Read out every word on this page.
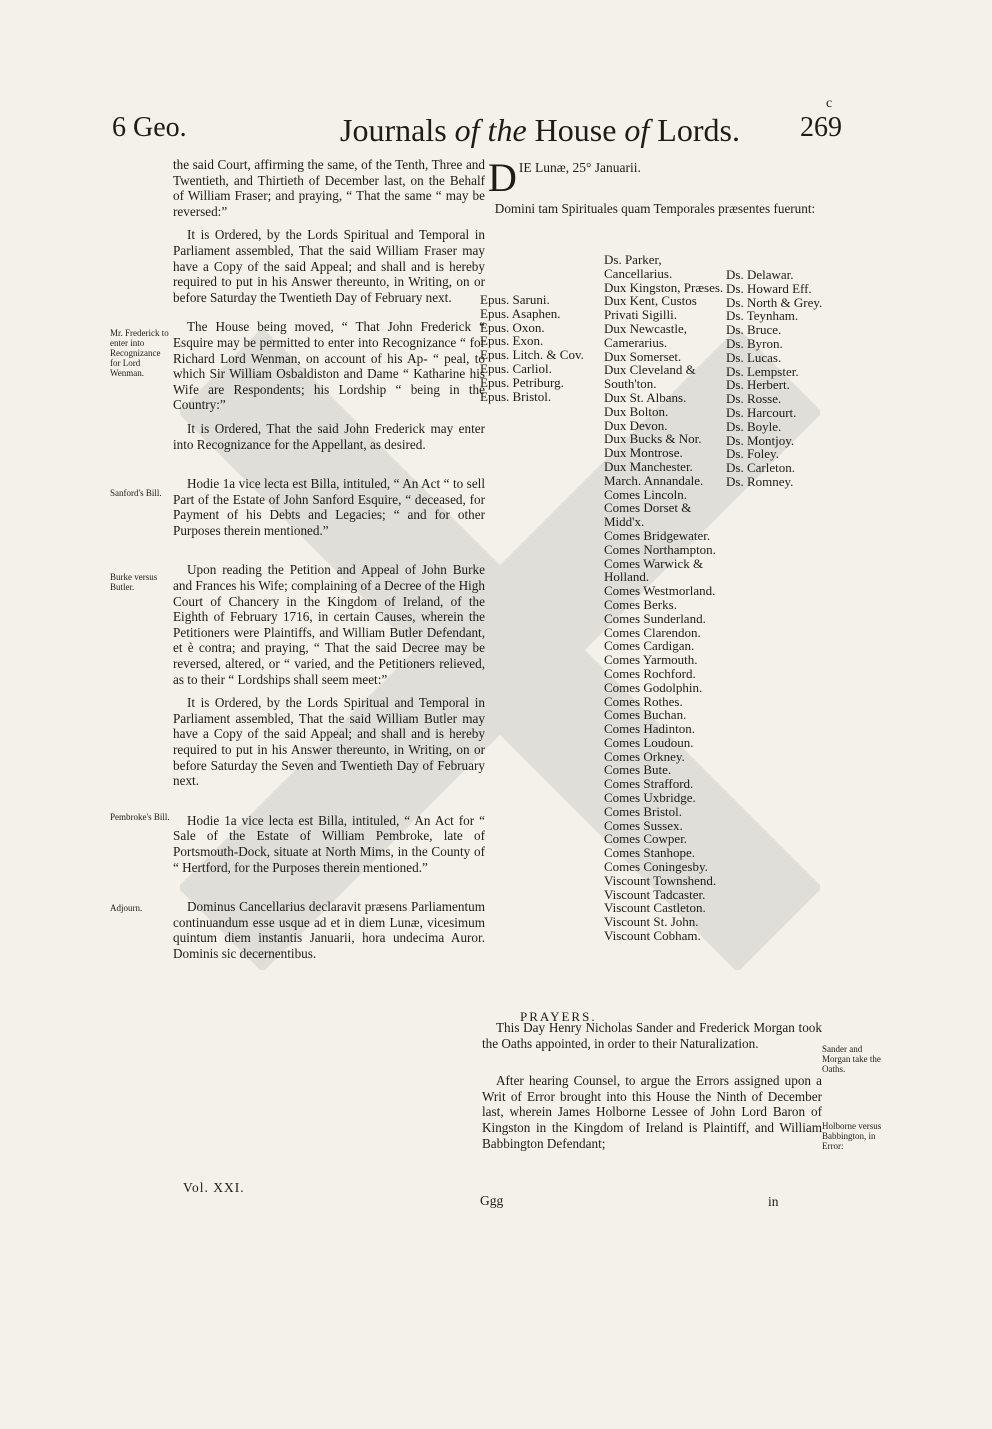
c
6 Geo.	Journals of the House of Lords. 269

the said Court, affirming the same, of the Tenth, Three and Twentieth, and Thirtieth of December last, on the Behalf of William Fraser; and praying, “ That the same “ may be reversed:”

It is Ordered, by the Lords Spiritual and Temporal in Parliament assembled, That the said William Fraser may have a Copy of the said Appeal; and shall and is hereby required to put in his Answer thereunto, in Writing, on or before Saturday the Twentieth Day of February next.

The House being moved, “ That John Frederick “ Esquire may be permitted to enter into Recognizance “ for Richard Lord Wenman, on account of his Ap- “ peal, to which Sir William Osbaldiston and Dame “ Katharine his Wife are Respondents; his Lordship “ being in the Country:”

It is Ordered, That the said John Frederick may enter into Recognizance for the Appellant, as desired.

Hodie 1a vice lecta est Billa, intituled, “ An Act “ to sell Part of the Estate of John Sanford Esquire, “ deceased, for Payment of his Debts and Legacies; “ and for other Purposes therein mentioned.”

Upon reading the Petition and Appeal of John Burke and Frances his Wife; complaining of a Decree of the High Court of Chancery in the Kingdom of Ireland, of the Eighth of February 1716, in certain Causes, wherein the Petitioners were Plaintiffs, and William Butler Defendant, et è contra; and praying, “ That the said Decree may be reversed, altered, or “ varied, and the Petitioners relieved, as to their “ Lordships shall seem meet:”

It is Ordered, by the Lords Spiritual and Temporal in Parliament assembled, That the said William Butler may have a Copy of the said Appeal; and shall and is hereby required to put in his Answer thereunto, in Writing, on or before Saturday the Seven and Twentieth Day of February next.

Hodie 1a vice lecta est Billa, intituled, “ An Act for “ Sale of the Estate of William Pembroke, late of Portsmouth-Dock, situate at North Mims, in the County of “ Hertford, for the Purposes therein mentioned.”

Dominus Cancellarius declaravit præsens Parliamentum continuandum esse usque ad et in diem Lunæ, vicesimum quintum diem instantis Januarii, hora undecima Auror. Dominis sic decernentibus.

Mr. Frederick to enter into Recognizance for Lord Wenman.
Sanford's Bill.
Burke versus Butler.
Pembroke's Bill.
Adjourn.
Sander and Morgan take the Oaths.
Holborne versus Babbington, in Error:
DIE Lunæ, 25° Januarii.
Domini tam Spirituales quam Temporales præsentes fuerunt:
Epus. Saruni.
Epus. Asaphen.
Epus. Oxon.
Epus. Exon.
Epus. Litch. & Cov.
Epus. Carliol.
Epus. Petriburg.
Epus. Bristol.
Ds. Parker, Cancellarius.
Dux Kingston, Præses.
Dux Kent, Custos Privati Sigilli.
Dux Newcastle, Camerarius.
Dux Somerset.
Dux Cleveland & South'ton.
Dux St. Albans.
Dux Bolton.
Dux Devon.
Dux Bucks & Nor.
Dux Montrose.
Dux Manchester.
March. Annandale.
Comes Lincoln.
Comes Dorset & Midd'x.
Comes Bridgewater.
Comes Northampton.
Comes Warwick & Holland.
Comes Westmorland.
Comes Berks.
Comes Sunderland.
Comes Clarendon.
Comes Cardigan.
Comes Yarmouth.
Comes Rochford.
Comes Godolphin.
Comes Rothes.
Comes Buchan.
Comes Hadinton.
Comes Loudoun.
Comes Orkney.
Comes Bute.
Comes Strafford.
Comes Uxbridge.
Comes Bristol.
Comes Sussex.
Comes Cowper.
Comes Stanhope.
Comes Coningesby.
Viscount Townshend.
Viscount Tadcaster.
Viscount Castleton.
Viscount St. John.
Viscount Cobham.
Ds. Delawar.
Ds. Howard Eff.
Ds. North & Grey.
Ds. Teynham.
Ds. Bruce.
Ds. Byron.
Ds. Lucas.
Ds. Lempster.
Ds. Herbert.
Ds. Rosse.
Ds. Harcourt.
Ds. Boyle.
Ds. Montjoy.
Ds. Foley.
Ds. Carleton.
Ds. Romney.
PRAYERS.

This Day Henry Nicholas Sander and Frederick Morgan took the Oaths appointed, in order to their Naturalization.

After hearing Counsel, to argue the Errors assigned upon a Writ of Error brought into this House the Ninth of December last, wherein James Holborne Lessee of John Lord Baron of Kingston in the Kingdom of Ireland is Plaintiff, and William Babbington Defendant;

Vol. XXI.
Ggg	in
